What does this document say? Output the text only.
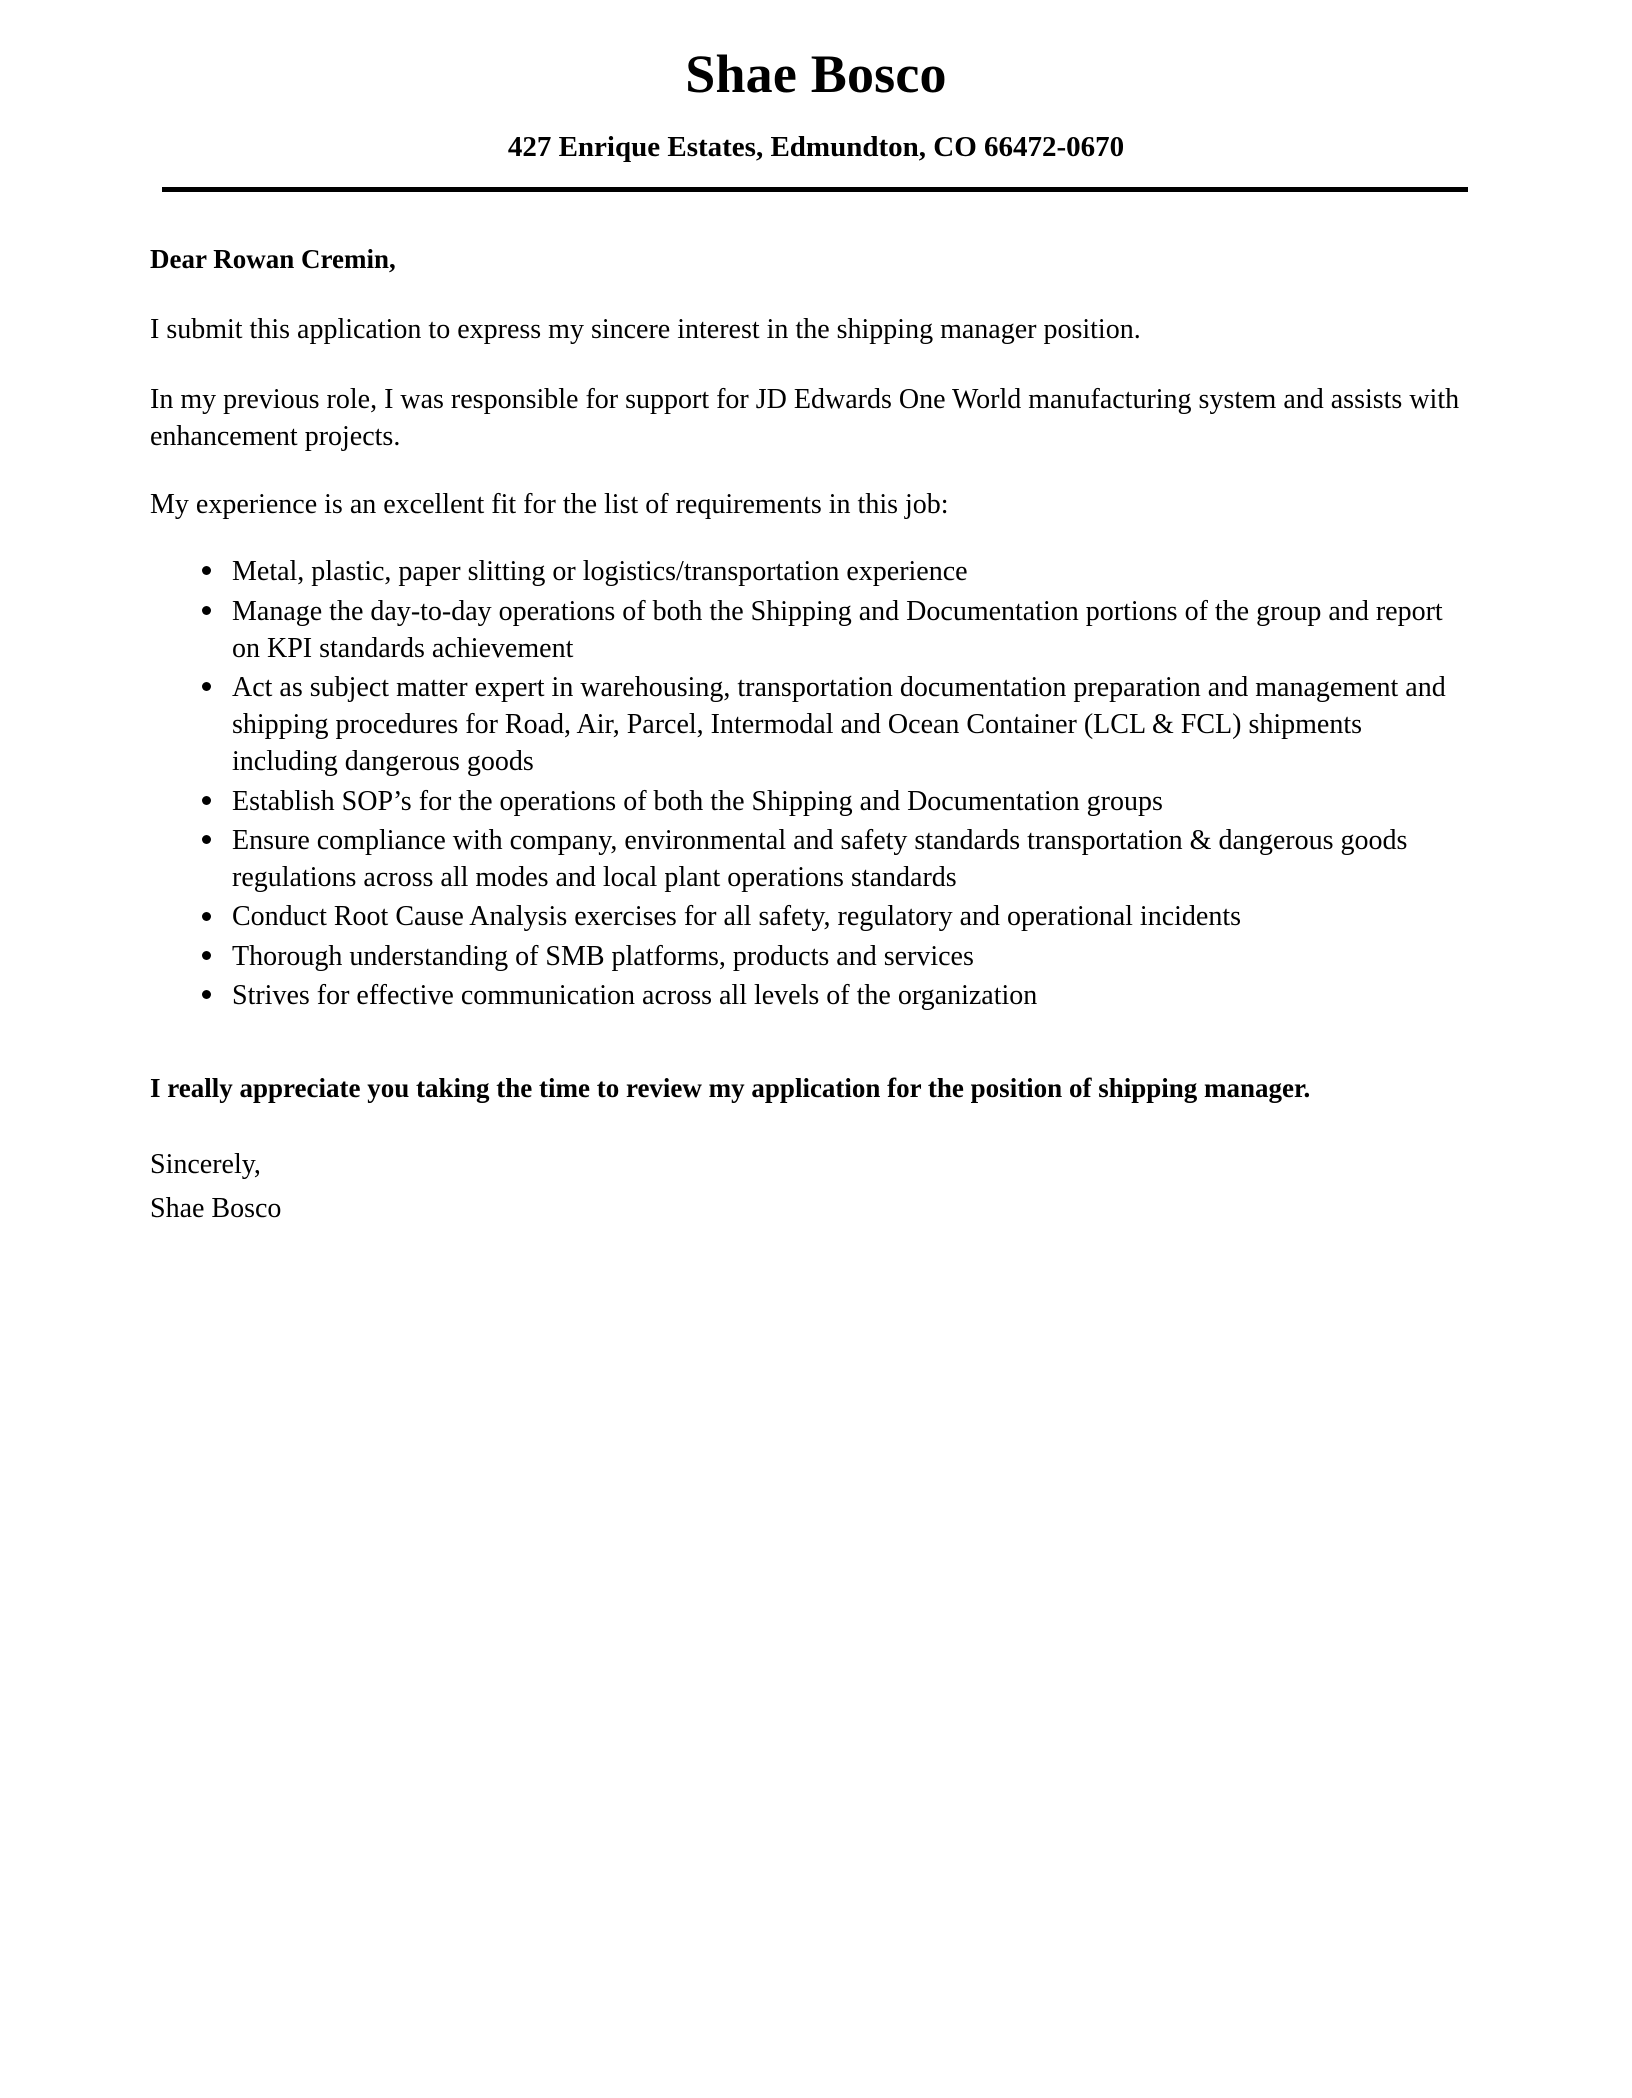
Shae Bosco
427 Enrique Estates, Edmundton, CO 66472-0670

Dear Rowan Cremin,

I submit this application to express my sincere interest in the shipping manager position.

In my previous role, I was responsible for support for JD Edwards One World manufacturing system and assists with enhancement projects.

My experience is an excellent fit for the list of requirements in this job:

Metal, plastic, paper slitting or logistics/transportation experience
Manage the day-to-day operations of both the Shipping and Documentation portions of the group and report on KPI standards achievement
Act as subject matter expert in warehousing, transportation documentation preparation and management and shipping procedures for Road, Air, Parcel, Intermodal and Ocean Container (LCL & FCL) shipments including dangerous goods
Establish SOP’s for the operations of both the Shipping and Documentation groups
Ensure compliance with company, environmental and safety standards transportation & dangerous goods regulations across all modes and local plant operations standards
Conduct Root Cause Analysis exercises for all safety, regulatory and operational incidents
Thorough understanding of SMB platforms, products and services
Strives for effective communication across all levels of the organization

I really appreciate you taking the time to review my application for the position of shipping manager.

Sincerely,
Shae Bosco
